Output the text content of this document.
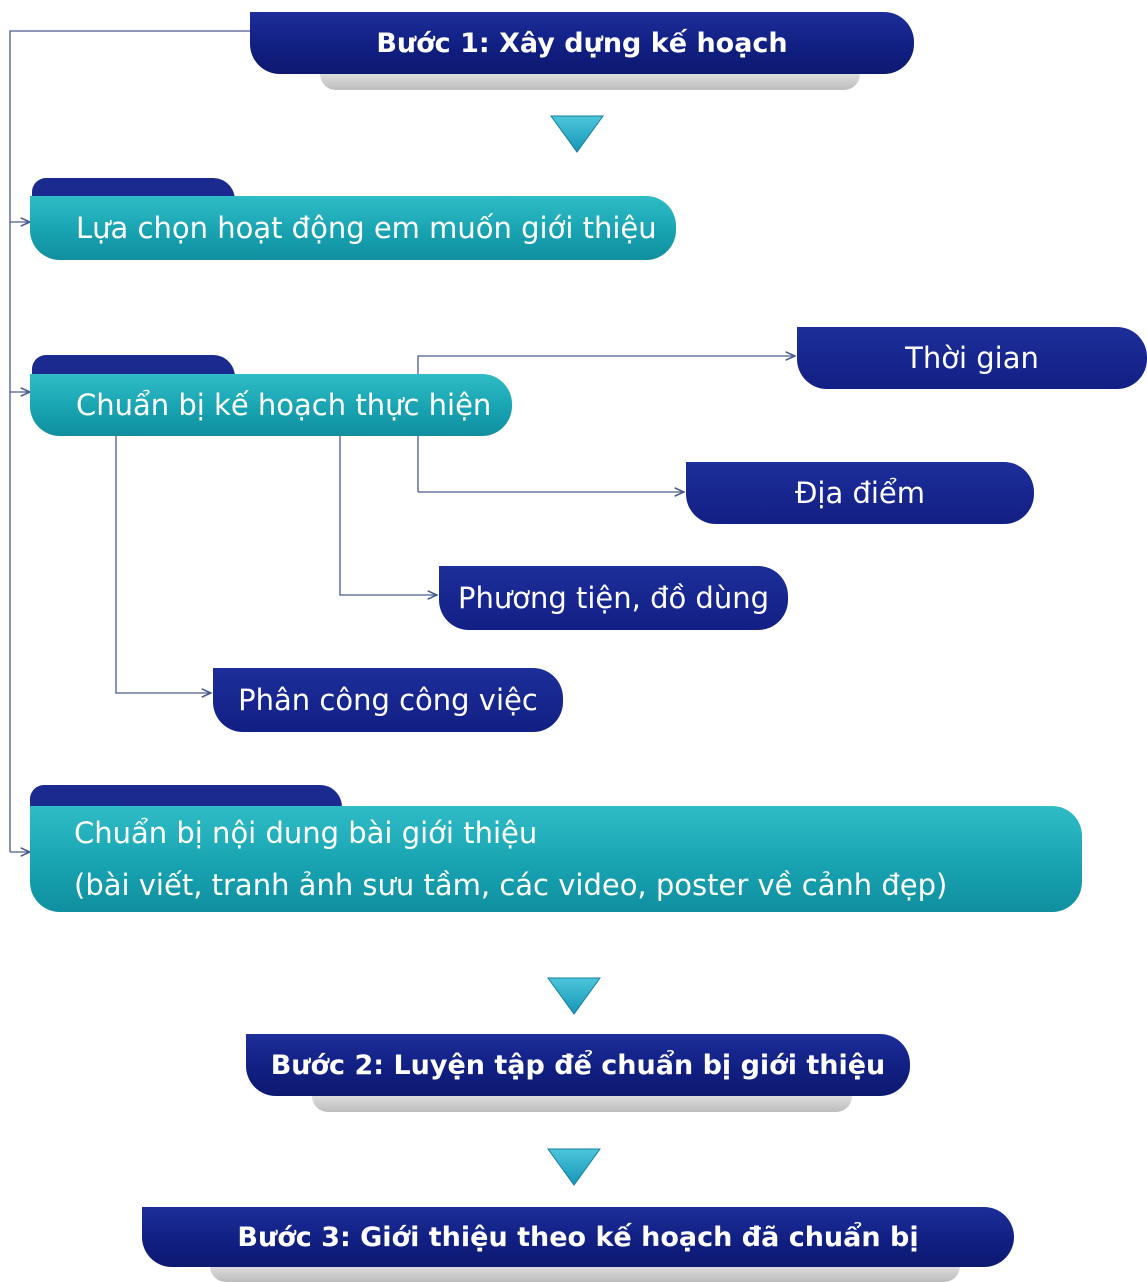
Bước 1: Xây dựng kế hoạch
Lựa chọn hoạt động em muốn giới thiệu
Chuẩn bị kế hoạch thực hiện
Thời gian
Địa điểm
Phương tiện, đồ dùng
Phân công công việc
Chuẩn bị nội dung bài giới thiệu
(bài viết, tranh ảnh sưu tầm, các video, poster về cảnh đẹp)
Bước 2: Luyện tập để chuẩn bị giới thiệu
Bước 3: Giới thiệu theo kế hoạch đã chuẩn bị
